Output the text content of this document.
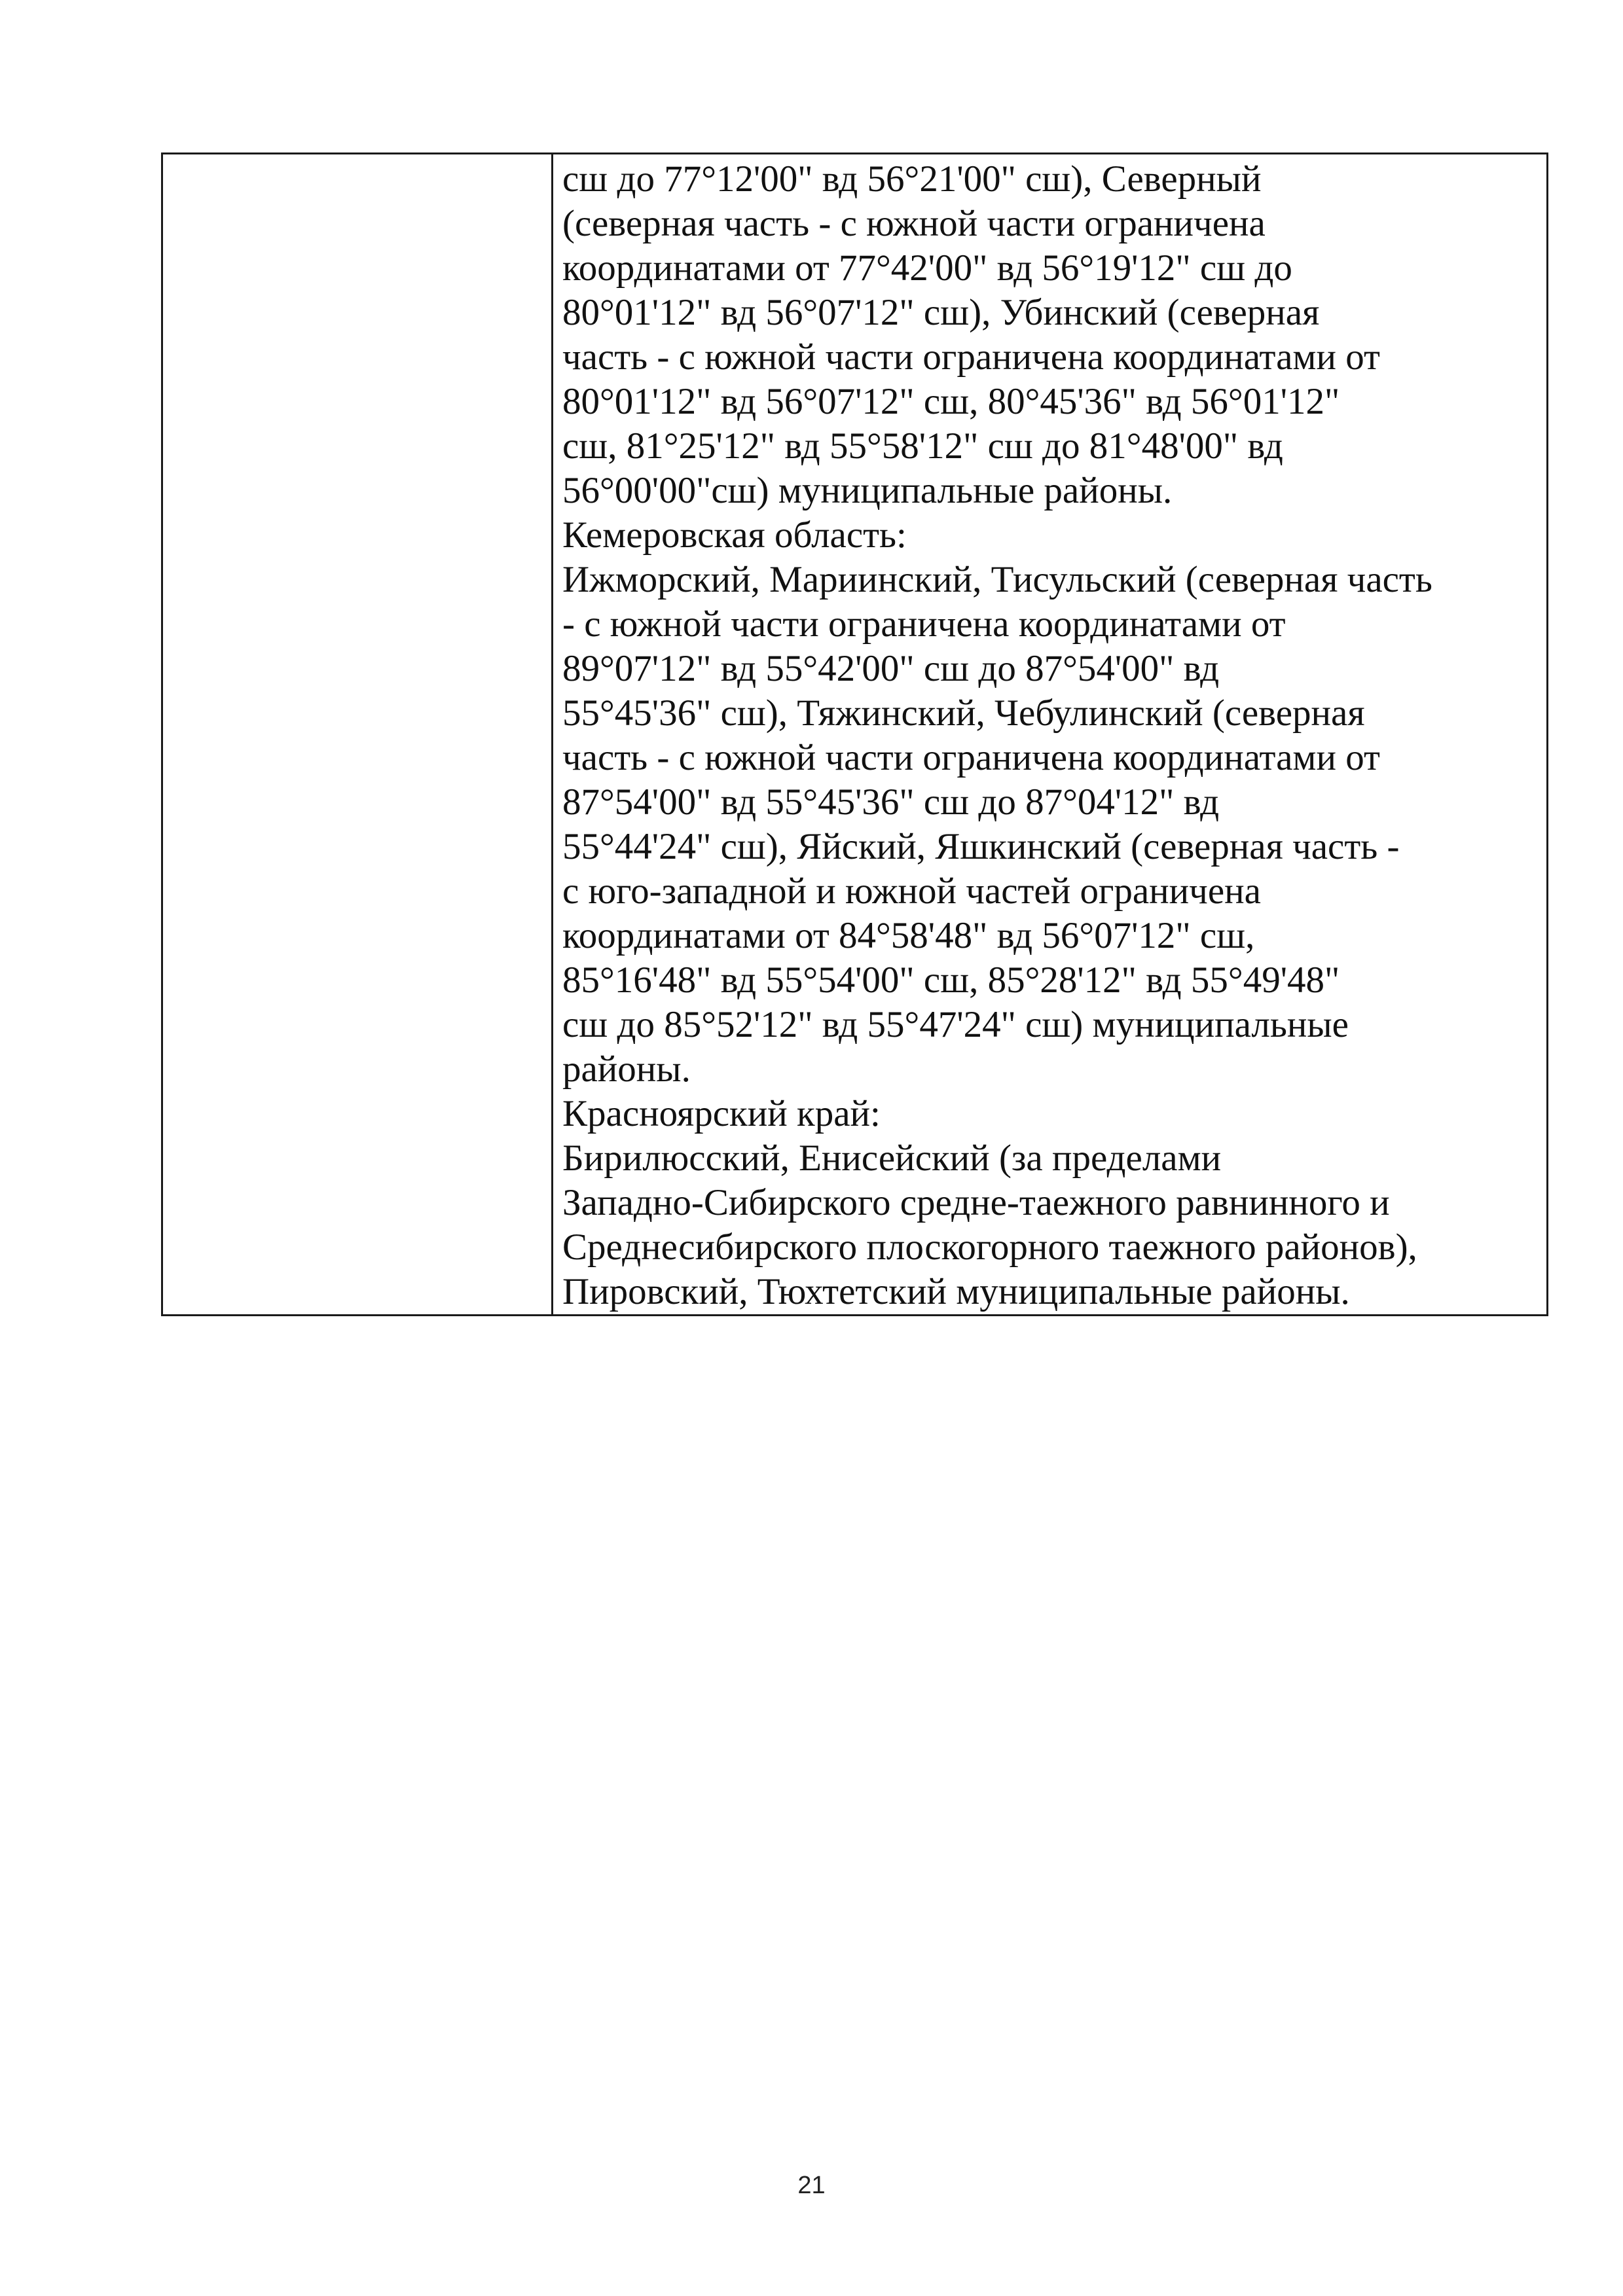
сш до 77°12'00" вд 56°21'00" сш), Северный
(северная часть - с южной части ограничена
координатами от 77°42'00" вд 56°19'12" сш до
80°01'12" вд 56°07'12" сш), Убинский (северная
часть - с южной части ограничена координатами от
80°01'12" вд 56°07'12" сш, 80°45'36" вд 56°01'12"
сш, 81°25'12" вд 55°58'12" сш до 81°48'00" вд
56°00'00"сш) муниципальные районы.
Кемеровская область:
Ижморский, Мариинский, Тисульский (северная часть
- с южной части ограничена координатами от
89°07'12" вд 55°42'00" сш до 87°54'00" вд
55°45'36" сш), Тяжинский, Чебулинский (северная
часть - с южной части ограничена координатами от
87°54'00" вд 55°45'36" сш до 87°04'12" вд
55°44'24" сш), Яйский, Яшкинский (северная часть -
с юго-западной и южной частей ограничена
координатами от 84°58'48" вд 56°07'12" сш,
85°16'48" вд 55°54'00" сш, 85°28'12" вд 55°49'48"
сш до 85°52'12" вд 55°47'24" сш) муниципальные
районы.
Красноярский край:
Бирилюсский, Енисейский (за пределами
Западно-Сибирского средне-таежного равнинного и
Среднесибирского плоскогорного таежного районов),
Пировский, Тюхтетский муниципальные районы.
21
